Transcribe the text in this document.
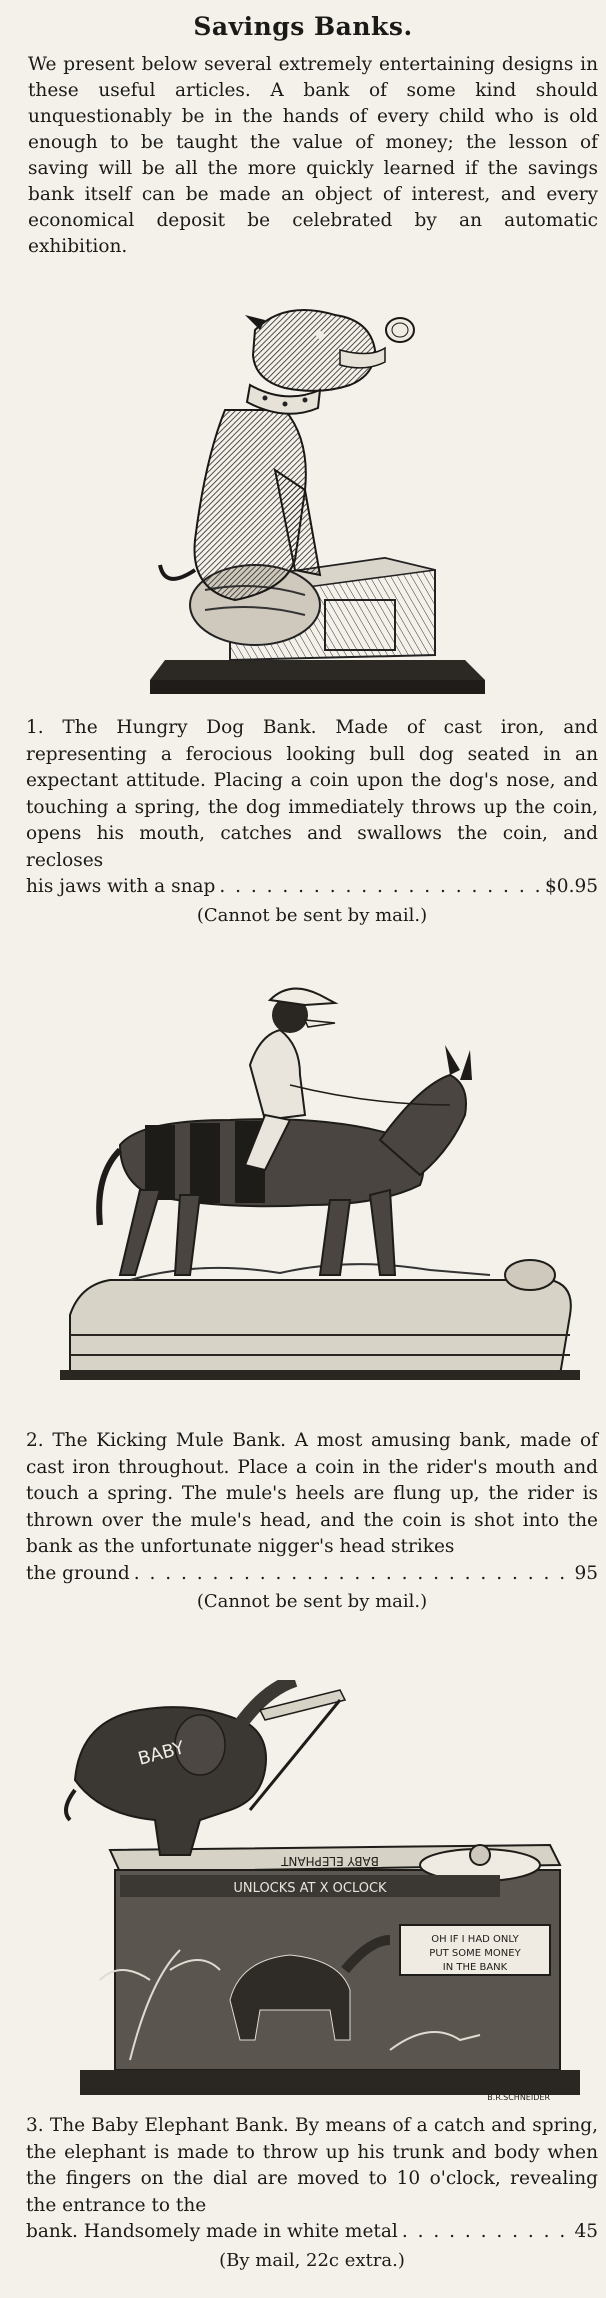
Savings Banks.
We present below several extremely entertaining designs in these useful articles. A bank of some kind should unquestionably be in the hands of every child who is old enough to be taught the value of money; the lesson of saving will be all the more quickly learned if the savings bank itself can be made an object of interest, and every economical deposit be celebrated by an automatic exhibition.
1. The Hungry Dog Bank. Made of cast iron, and representing a ferocious looking bull dog seated in an expectant attitude. Placing a coin upon the dog's nose, and touching a spring, the dog immediately throws up the coin, opens his mouth, catches and swallows the coin, and recloses
his jaws with a snap . . .	$0.95
(Cannot be sent by mail.)
2. The Kicking Mule Bank. A most amusing bank, made of cast iron throughout. Place a coin in the rider's mouth and touch a spring. The mule's heels are flung up, the rider is thrown over the mule's head, and the coin is shot into the bank as the unfortunate nigger's head strikes
the ground . . .	95
(Cannot be sent by mail.)
BABY ELEPHANT
UNLOCKS AT X OCLOCK
OH IF I HAD ONLY
PUT SOME MONEY
IN THE BANK
BABY
B.R.SCHNEIDER
3. The Baby Elephant Bank. By means of a catch and spring, the elephant is made to throw up his trunk and body when the fingers on the dial are moved to 10 o'clock, revealing the entrance to the
bank. Handsomely made in white metal . . .	45
(By mail, 22c extra.)
